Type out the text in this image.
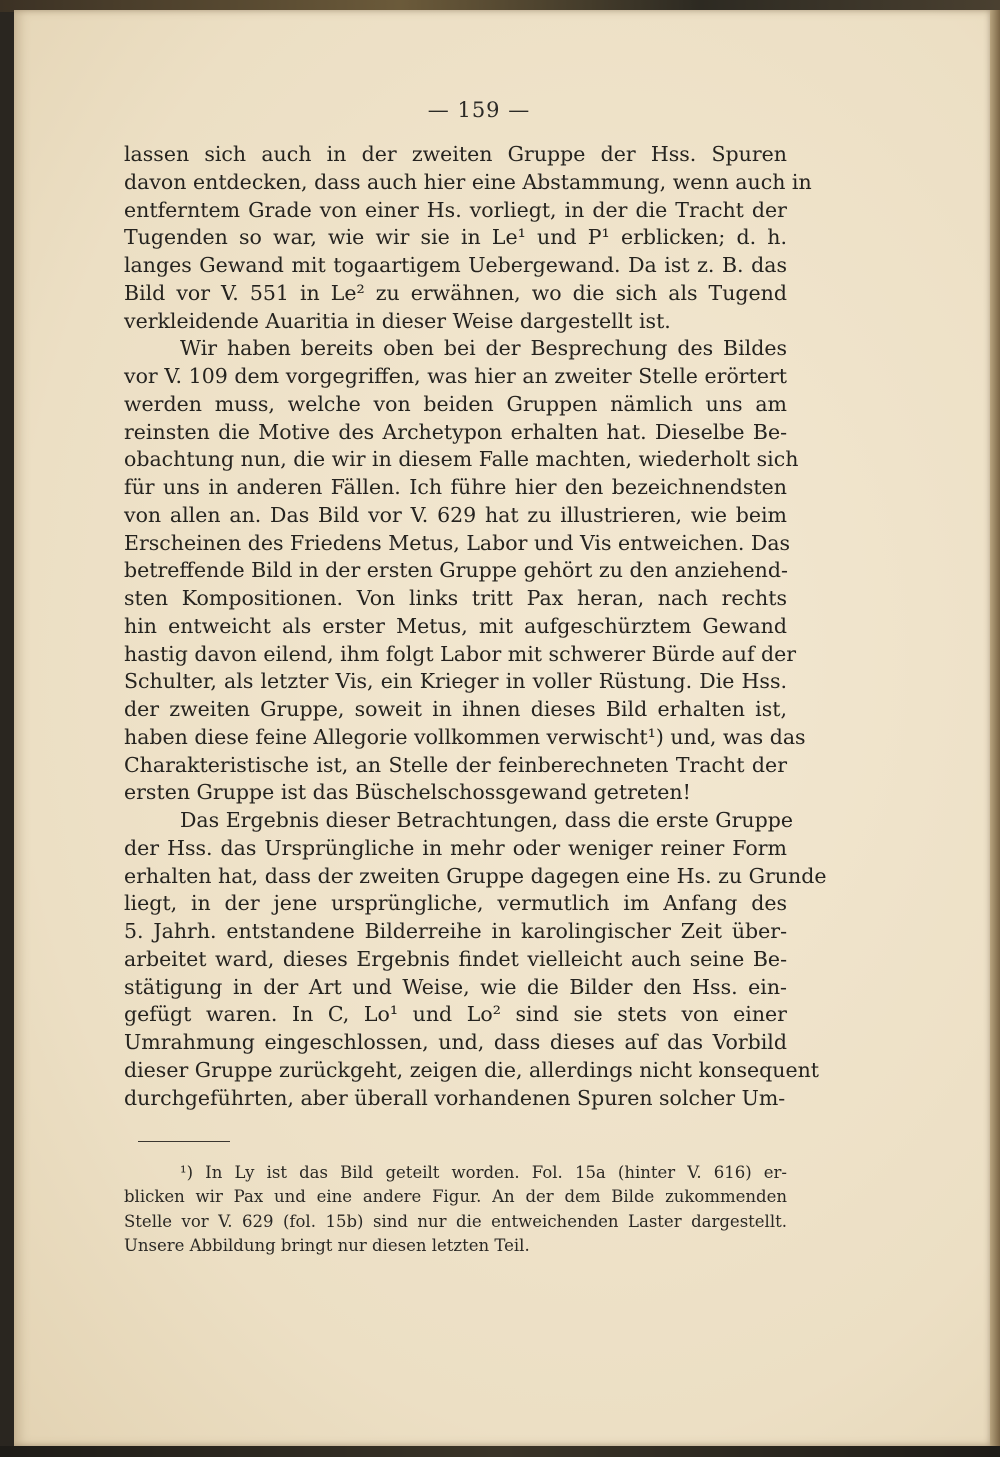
— 159 —
lassen sich auch in der zweiten Gruppe der Hss. Spuren
davon entdecken, dass auch hier eine Abstammung, wenn auch in
entferntem Grade von einer Hs. vorliegt, in der die Tracht der
Tugenden so war, wie wir sie in Le¹ und P¹ erblicken; d. h.
langes Gewand mit togaartigem Uebergewand. Da ist z. B. das
Bild vor V. 551 in Le² zu erwähnen, wo die sich als Tugend
verkleidende Auaritia in dieser Weise dargestellt ist.
Wir haben bereits oben bei der Besprechung des Bildes
vor V. 109 dem vorgegriffen, was hier an zweiter Stelle erörtert
werden muss, welche von beiden Gruppen nämlich uns am
reinsten die Motive des Archetypon erhalten hat. Dieselbe Be-
obachtung nun, die wir in diesem Falle machten, wiederholt sich
für uns in anderen Fällen. Ich führe hier den bezeichnendsten
von allen an. Das Bild vor V. 629 hat zu illustrieren, wie beim
Erscheinen des Friedens Metus, Labor und Vis entweichen. Das
betreffende Bild in der ersten Gruppe gehört zu den anziehend-
sten Kompositionen. Von links tritt Pax heran, nach rechts
hin entweicht als erster Metus, mit aufgeschürztem Gewand
hastig davon eilend, ihm folgt Labor mit schwerer Bürde auf der
Schulter, als letzter Vis, ein Krieger in voller Rüstung. Die Hss.
der zweiten Gruppe, soweit in ihnen dieses Bild erhalten ist,
haben diese feine Allegorie vollkommen verwischt¹) und, was das
Charakteristische ist, an Stelle der feinberechneten Tracht der
ersten Gruppe ist das Büschelschossgewand getreten!
Das Ergebnis dieser Betrachtungen, dass die erste Gruppe
der Hss. das Ursprüngliche in mehr oder weniger reiner Form
erhalten hat, dass der zweiten Gruppe dagegen eine Hs. zu Grunde
liegt, in der jene ursprüngliche, vermutlich im Anfang des
5. Jahrh. entstandene Bilderreihe in karolingischer Zeit über-
arbeitet ward, dieses Ergebnis findet vielleicht auch seine Be-
stätigung in der Art und Weise, wie die Bilder den Hss. ein-
gefügt waren. In C, Lo¹ und Lo² sind sie stets von einer
Umrahmung eingeschlossen, und, dass dieses auf das Vorbild
dieser Gruppe zurückgeht, zeigen die, allerdings nicht konsequent
durchgeführten, aber überall vorhandenen Spuren solcher Um-
¹) In Ly ist das Bild geteilt worden. Fol. 15a (hinter V. 616) er-
blicken wir Pax und eine andere Figur. An der dem Bilde zukommenden
Stelle vor V. 629 (fol. 15b) sind nur die entweichenden Laster dargestellt.
Unsere Abbildung bringt nur diesen letzten Teil.
